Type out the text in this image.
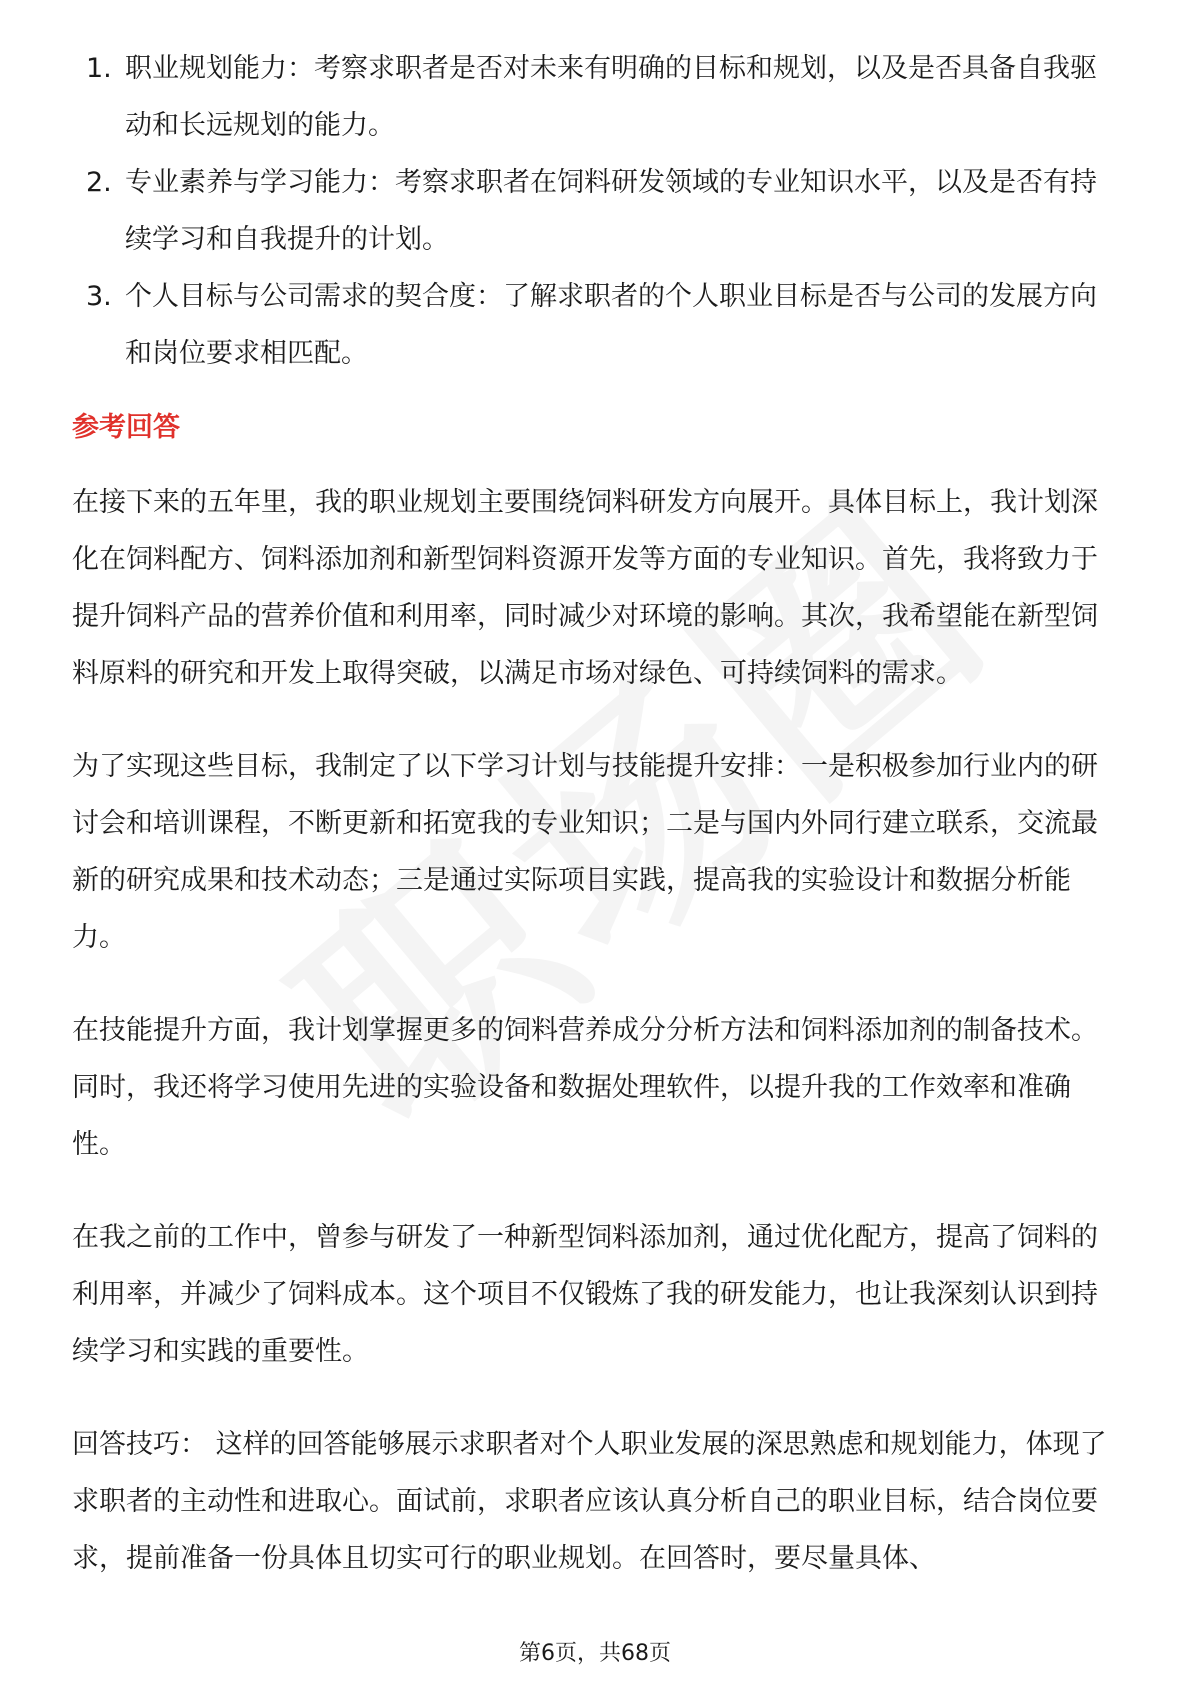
1. 职业规划能力：考察求职者是否对未来有明确的目标和规划，以及是否具备自我驱动和长远规划的能力。
2. 专业素养与学习能力：考察求职者在饲料研发领域的专业知识水平，以及是否有持续学习和自我提升的计划。
3. 个人目标与公司需求的契合度：了解求职者的个人职业目标是否与公司的发展方向和岗位要求相匹配。
参考回答

在接下来的五年里，我的职业规划主要围绕饲料研发方向展开。具体目标上，我计划深化在饲料配方、饲料添加剂和新型饲料资源开发等方面的专业知识。首先，我将致力于提升饲料产品的营养价值和利用率，同时减少对环境的影响。其次，我希望能在新型饲料原料的研究和开发上取得突破，以满足市场对绿色、可持续饲料的需求。

为了实现这些目标，我制定了以下学习计划与技能提升安排：一是积极参加行业内的研讨会和培训课程，不断更新和拓宽我的专业知识；二是与国内外同行建立联系，交流最新的研究成果和技术动态；三是通过实际项目实践，提高我的实验设计和数据分析能力。

在技能提升方面，我计划掌握更多的饲料营养成分分析方法和饲料添加剂的制备技术。同时，我还将学习使用先进的实验设备和数据处理软件，以提升我的工作效率和准确性。

在我之前的工作中，曾参与研发了一种新型饲料添加剂，通过优化配方，提高了饲料的利用率，并减少了饲料成本。这个项目不仅锻炼了我的研发能力，也让我深刻认识到持续学习和实践的重要性。

回答技巧： 这样的回答能够展示求职者对个人职业发展的深思熟虑和规划能力，体现了求职者的主动性和进取心。面试前，求职者应该认真分析自己的职业目标，结合岗位要求，提前准备一份具体且切实可行的职业规划。在回答时，要尽量具体、

第6页，共68页
